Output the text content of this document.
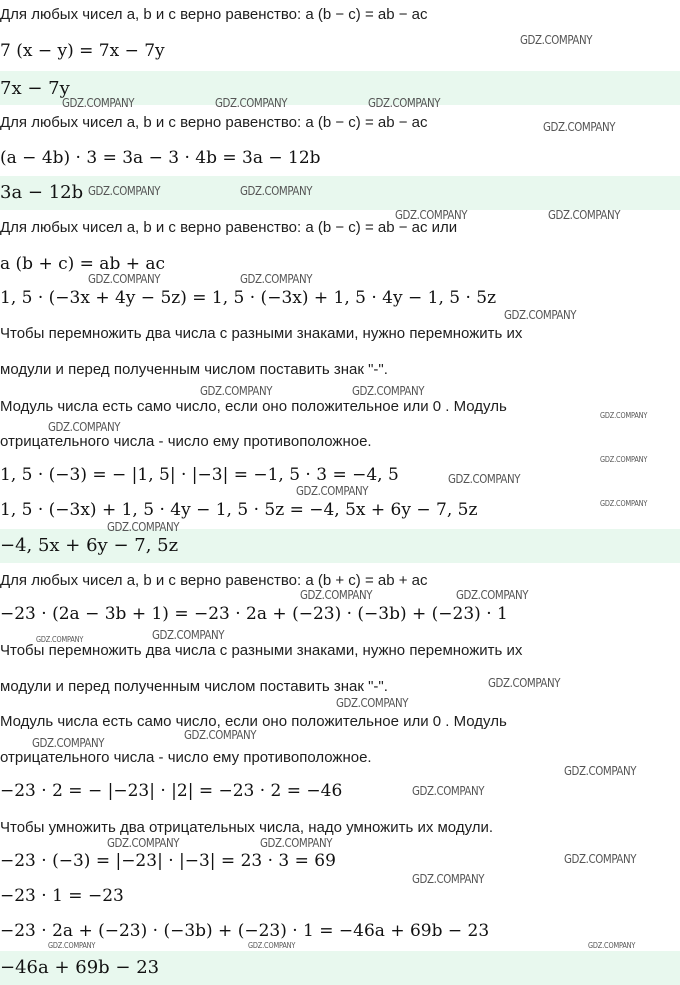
Для любых чисел a, b и c верно равенство: a (b − c) = ab − ac
7 (x − y) = 7x − 7y
7x − 7y
Для любых чисел a, b и c верно равенство: a (b − c) = ab − ac
(a − 4b) · 3 = 3a − 3 · 4b = 3a − 12b
3a − 12b
Для любых чисел a, b и c верно равенство: a (b − c) = ab − ac или
a (b + c) = ab + ac
1, 5 · (−3x + 4y − 5z) = 1, 5 · (−3x) + 1, 5 · 4y − 1, 5 · 5z
Чтобы перемножить два числа с разными знаками, нужно перемножить их
модули и перед полученным числом поставить знак "-".
Модуль числа есть само число, если оно положительное или 0 . Модуль
отрицательного числа - число ему противоположное.
1, 5 · (−3) = − |1, 5| · |−3| = −1, 5 · 3 = −4, 5
1, 5 · (−3x) + 1, 5 · 4y − 1, 5 · 5z = −4, 5x + 6y − 7, 5z
−4, 5x + 6y − 7, 5z
Для любых чисел a, b и c верно равенство: a (b + c) = ab + ac
−23 · (2a − 3b + 1) = −23 · 2a + (−23) · (−3b) + (−23) · 1
Чтобы перемножить два числа с разными знаками, нужно перемножить их
модули и перед полученным числом поставить знак "-".
Модуль числа есть само число, если оно положительное или 0 . Модуль
отрицательного числа - число ему противоположное.
−23 · 2 = − |−23| · |2| = −23 · 2 = −46
Чтобы умножить два отрицательных числа, надо умножить их модули.
−23 · (−3) = |−23| · |−3| = 23 · 3 = 69
−23 · 1 = −23
−23 · 2a + (−23) · (−3b) + (−23) · 1 = −46a + 69b − 23
−46a + 69b − 23
GDZ.COMPANY
GDZ.COMPANY	GDZ.COMPANY	GDZ.COMPANY
GDZ.COMPANY
GDZ.COMPANY	GDZ.COMPANY
GDZ.COMPANY	GDZ.COMPANY
GDZ.COMPANY	GDZ.COMPANY
GDZ.COMPANY
GDZ.COMPANY	GDZ.COMPANY
GDZ.COMPANY
GDZ.COMPANY
GDZ.COMPANY
GDZ.COMPANY
GDZ.COMPANY
GDZ.COMPANY
GDZ.COMPANY
GDZ.COMPANY	GDZ.COMPANY
GDZ.COMPANY	GDZ.COMPANY
GDZ.COMPANY
GDZ.COMPANY
GDZ.COMPANY
GDZ.COMPANY
GDZ.COMPANY
GDZ.COMPANY
GDZ.COMPANY	GDZ.COMPANY
GDZ.COMPANY
GDZ.COMPANY
GDZ.COMPANY	GDZ.COMPANY	GDZ.COMPANY
